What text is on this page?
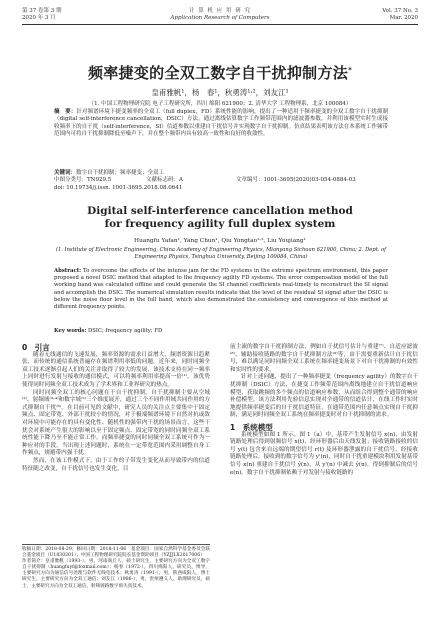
第 37 卷第 3 期
2020 年 3 月
计 算 机 应 用 研 究
Application Research of Computers
Vol. 37 No. 3
Mar. 2020
频率捷变的全双工数字自干扰抑制方法*
皇甫雅帆¹，杨　春¹，秋勇涛¹˒²，刘友江¹
（1. 中国工程物理研究院 电子工程研究所，四川 绵阳 621900；2. 清华大学 工程物理系，北京 100084）
摘　要：针对频谱环境下捷变频率的全双工（full duplex，FD）系统性能的影响，提出了一种适用于频率捷变的全双工数字自干扰抑制（digital self-interference cancellation，DSIC）方法。通过离线估算数字工作频带范围内的滤波器参数，并利用该模型实时生成接收频率下的自干扰（self-interference，SI）信道参数以重建自干扰信号并实现数字自干扰抑制。仿真结果表明该方法在本系统工作频带范围内可将自干扰抑制降低至噪声下，并在整个频带内具有较高一致性和良好的收敛性。
关键词：数字自干扰抑制；频率捷变；全双工
中图分类号：TN929.5	文献标志码：A	文章编号：1001-3695(2020)03-054-0884-03
doi: 10.19734/j.issn. 1001-3695.2018.08.0641
Digital self-interference cancellation method for frequency agility full duplex system
Huangfu Yafan¹, Yang Chun¹, Qiu Yongtao¹˒², Liu Youjiang¹
(1. Institute of Electronic Engineering, China Academy of Engineering Physics, Mianyang Sichuan 621900, China; 2. Dept. of Engineering Physics, Tsinghua University, Beijing 100084, China)
Abstract: To overcome the effects of the intense jam for the FD systems in the extreme spectrum environment, this paper proposed a novel DSIC method that adapted to the frequency agility FD systems. The error compensation model of the full working band was calculated offline and could generate the SI channel coefficients real-timely to reconstruct the SI signal and accomplish the DSIC. The numerical simulation results indicate that the level of the residual SI signal after the DSIC is below the noise floor level in the full band, which also demonstrated the consistency and convergence of this method at different frequency points.
Key words: DSIC; frequency agility; FD

0　引言

随着无线通信的飞速发展，频率资源的需求日益增大，频谱资源日趋紧张，而传统的通信系统普遍存在频谱利用率低的问题。近年来，同时同频全双工技术逐渐引起人们的关注并取得了较大的发展，该技术支持在同一频率上同时进行发射与接收的通信模式，可以将频率利用率提高一倍⁽¹⁾。该优势使得同时同频全双工技术成为了学术界和工业界研究的热点。

同时同频全双工的核心问题在于自干扰抑制。自干扰抑制主要从空域⁽²⁾、射频域⁽³˒⁴⁾和数字域⁽⁵⁾三个维度展开，通过三个不同作用域共同作用的方式抑制自干扰⁽⁶⁾。在目前可见的文献中，研究人员的关注点主要集中于固定频点、固定带宽、外部干扰较小的情况，对于极端频谱环境下自然对抗或敌对环境中可能存在的具有变化性、随机性的强带内干扰的场景而言，这些干扰会对系统产生很大的影响以至于固定频点、固定带宽的同时同频全双工系统性能下降乃至不能正常工作。而频率捷变的同时同频全双工系统可作为一种应对的手段。当出现上述问题时，系统在一定带宽范围内采用调整自身工作频点，规避带内强干扰。

然而，在该工作模式下，由于工作的子带发生变化从而导致带内的信道特征随之改变，自干扰信号也发生变化。目

前主流的数字自干扰抑制方法，例如自干扰信号估计与重建⁽⁷⁾、自适应滤波⁽⁸⁾、辅助接收链路的数字自干扰抑制方法⁽⁹⁾等，由于需要重新估计自干扰信号，难以满足同时同频全双工系统在频率捷变场景下对自干扰抑制的有效性和实时性的要求。

针对上述问题，提出了一种频率捷变（frequency agility）的数字自干扰抑制（DSIC）方法，在捷变工作频带范围内离线地建立自干扰信道响应模型，获取跳频的多个频点的信道响应参数，从而组合得到整个通带的响应补偿模型。该方法利用先验信息实现对全通带的信道估计，在线工作时实时地提供频率捷变后的自干扰信道特征，在通带范围内任意频点实现自干扰抑制，满足同时同频全双工系统在频率捷变时对自干扰抑制的需求。

1　系统模型

系统模型如图 1 所示。图 1（a）中，基带产生发射信号 x(n)，由发射链路处理后得到射频信号 x(t)，经环形器后由天线发射；接收链路接收的信号 y(t) 包含来自远端的期望信号 r(t) 及环形器泄露的自干扰信号，经接收链路处理后，接收到的数字信号为 y'(n)，同时自干扰重建模块利用发射基带信号 x(n) 重建自干扰信号 ŷ(n)，从 y'(n) 中减去 ŷ(n)，得到抑制后的信号 e(n)。数字自干扰抑制依赖于对发射与接收链路的

收稿日期：2018-08-29；修回日期：2018-11-06　基金项目：国家自然科学基金委员会联合基金项目（U1830201）；中国工程物理研究院院长基金资助项目（YZJJLX2017006）
作者简介：皇甫雅帆（1993-），男，河南商丘人，硕士研究生，主要研究方向为全双工数字自干扰抑制（huangfuyf@foxmail.com）；杨春（1972-），四川绵阳人，研究员，博导，主要研究方向为通信信号处理与软件无线电技术；秋勇涛（1991-），男，陕西咸阳人，博士研究生，主要研究方向为全双工通信；刘友江（1986-），男，贵州遵义人，助理研究员，硕士，主要研究方向为全双工通信、射频链路数字预失真技术。
